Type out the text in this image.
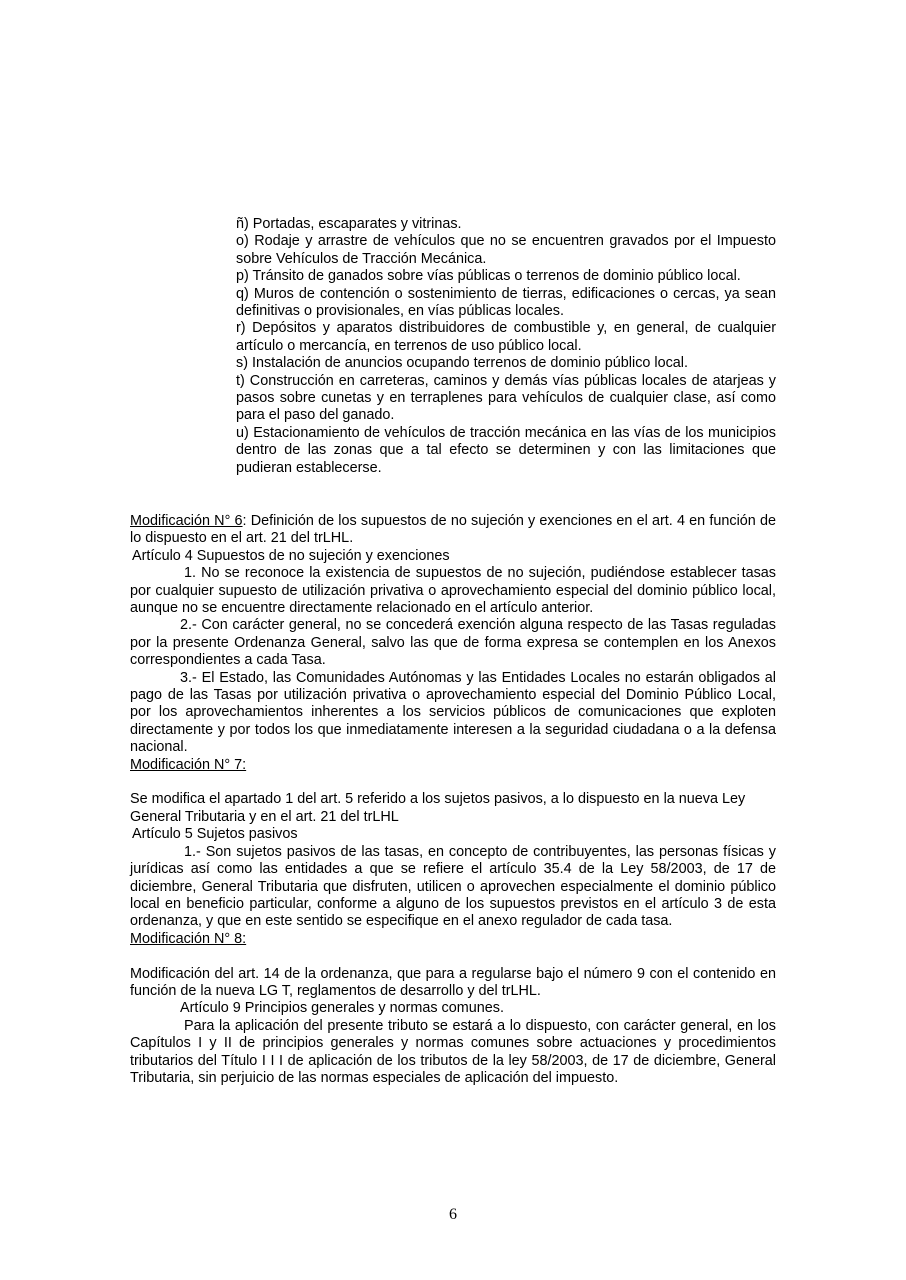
ñ) Portadas, escaparates y vitrinas.

o) Rodaje y arrastre de vehículos que no se encuentren gravados por el Impuesto sobre Vehículos de Tracción Mecánica.

p) Tránsito de ganados sobre vías públicas o terrenos de dominio público local.

q) Muros de contención o sostenimiento de tierras, edificaciones o cercas, ya sean definitivas o provisionales, en vías públicas locales.

r) Depósitos y aparatos distribuidores de combustible y, en general, de cualquier artículo o mercancía, en terrenos de uso público local.

s) Instalación de anuncios ocupando terrenos de dominio público local.

t) Construcción en carreteras, caminos y demás vías públicas locales de atarjeas y pasos sobre cunetas y en terraplenes para vehículos de cualquier clase, así como para el paso del ganado.

u) Estacionamiento de vehículos de tracción mecánica en las vías de los municipios dentro de las zonas que a tal efecto se determinen y con las limitaciones que pudieran establecerse.

Modificación N° 6: Definición de los supuestos de no sujeción y exenciones en el art. 4 en función de lo dispuesto en el art. 21 del trLHL.

Artículo 4 Supuestos de no sujeción y exenciones

1. No se reconoce la existencia de supuestos de no sujeción, pudiéndose establecer tasas por cualquier supuesto de utilización privativa o aprovechamiento especial del dominio público local, aunque no se encuentre directamente relacionado en el artículo anterior.

2.- Con carácter general, no se concederá exención alguna respecto de las Tasas reguladas por la presente Ordenanza General, salvo las que de forma expresa se contemplen en los Anexos correspondientes a cada Tasa.

3.- El Estado, las Comunidades Autónomas y las Entidades Locales no estarán obligados al pago de las Tasas por utilización privativa o aprovechamiento especial del Dominio Público Local, por los aprovechamientos inherentes a los servicios públicos de comunicaciones que exploten directamente y por todos los que inmediatamente interesen a la seguridad ciudadana o a la defensa nacional.

Modificación N° 7:

Se modifica el apartado 1 del art. 5 referido a los sujetos pasivos, a lo dispuesto en la nueva Ley General Tributaria y en el art. 21 del trLHL

Artículo 5 Sujetos pasivos

1.- Son sujetos pasivos de las tasas, en concepto de contribuyentes, las personas físicas y jurídicas así como las entidades a que se refiere el artículo 35.4 de la Ley 58/2003, de 17 de diciembre, General Tributaria que disfruten, utilicen o aprovechen especialmente el dominio público local en beneficio particular, conforme a alguno de los supuestos previstos en el artículo 3 de esta ordenanza, y que en este sentido se especifique en el anexo regulador de cada tasa.

Modificación N° 8:

Modificación del art. 14 de la ordenanza, que para a regularse bajo el número 9 con el contenido en función de la nueva LG T, reglamentos de desarrollo y del trLHL.

Artículo 9 Principios generales y normas comunes.

Para la aplicación del presente tributo se estará a lo dispuesto, con carácter general, en los Capítulos I y II de principios generales y normas comunes sobre actuaciones y procedimientos tributarios del Título I I I de aplicación de los tributos de la ley 58/2003, de 17 de diciembre, General Tributaria, sin perjuicio de las normas especiales de aplicación del impuesto.

6
